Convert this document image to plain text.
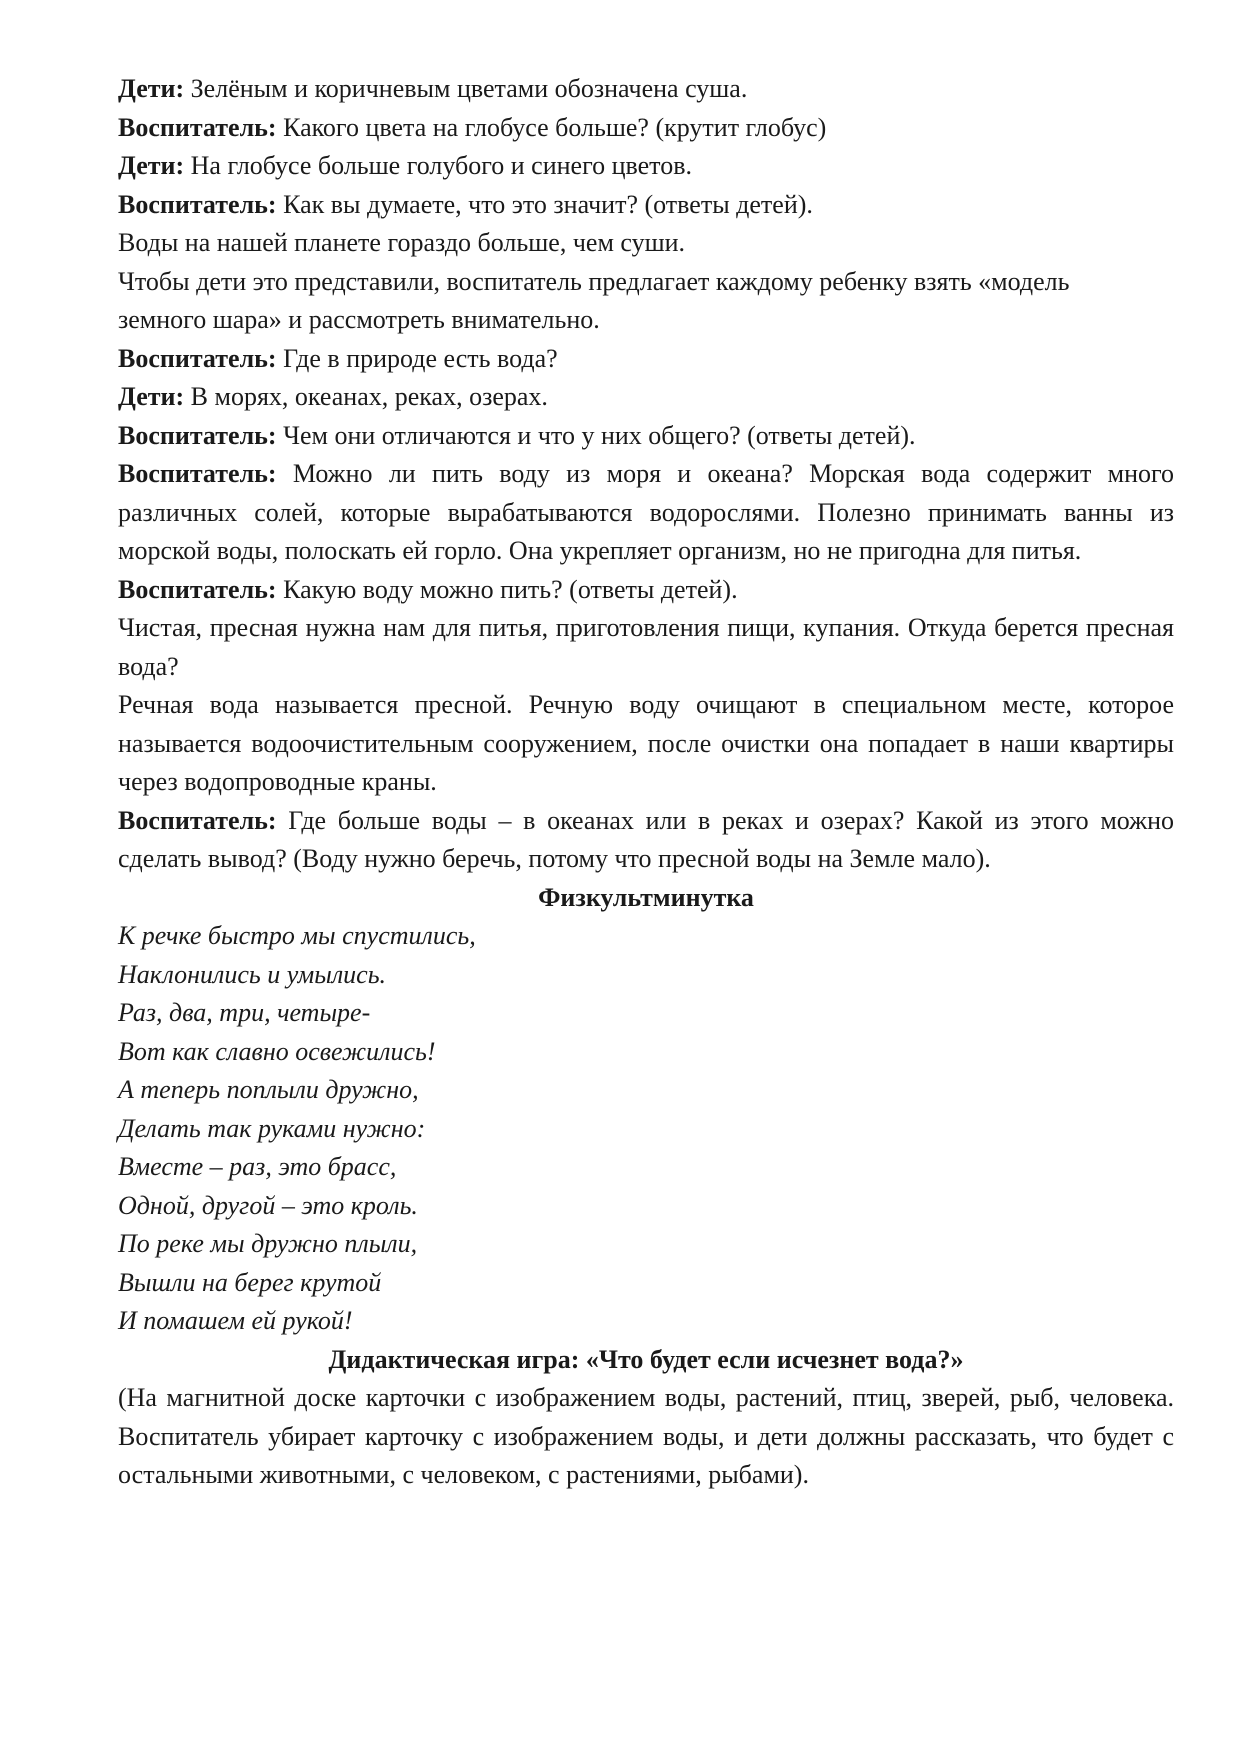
Дети: Зелёным и коричневым цветами обозначена суша.

Воспитатель: Какого цвета на глобусе больше? (крутит глобус)

Дети: На глобусе больше голубого и синего цветов.

Воспитатель: Как вы думаете, что это значит? (ответы детей).

Воды на нашей планете гораздо больше, чем суши.

Чтобы дети это представили, воспитатель предлагает каждому ребенку взять «модель земного шара» и рассмотреть внимательно.

Воспитатель: Где в природе есть вода?

Дети: В морях, океанах, реках, озерах.

Воспитатель: Чем они отличаются и что у них общего? (ответы детей).

Воспитатель: Можно ли пить воду из моря и океана? Морская вода содержит много различных солей, которые вырабатываются водорослями. Полезно принимать ванны из морской воды, полоскать ей горло. Она укрепляет организм, но не пригодна для питья.

Воспитатель: Какую воду можно пить? (ответы детей).

Чистая, пресная нужна нам для питья, приготовления пищи, купания. Откуда берется пресная вода?

Речная вода называется пресной. Речную воду очищают в специальном месте, которое называется водоочистительным сооружением, после очистки она попадает в наши квартиры через водопроводные краны.

Воспитатель: Где больше воды – в океанах или в реках и озерах? Какой из этого можно сделать вывод? (Воду нужно беречь, потому что пресной воды на Земле мало).

Физкультминутка

К речке быстро мы спустились,

Наклонились и умылись.

Раз, два, три, четыре-

Вот как славно освежились!

А теперь поплыли дружно,

Делать так руками нужно:

Вместе – раз, это брасс,

Одной, другой – это кроль.

По реке мы дружно плыли,

Вышли на берег крутой

И помашем ей рукой!

Дидактическая игра: «Что будет если исчезнет вода?»

(На магнитной доске карточки с изображением воды, растений, птиц, зверей, рыб, человека. Воспитатель убирает карточку с изображением воды, и дети должны рассказать, что будет с остальными животными, с человеком, с растениями, рыбами).
